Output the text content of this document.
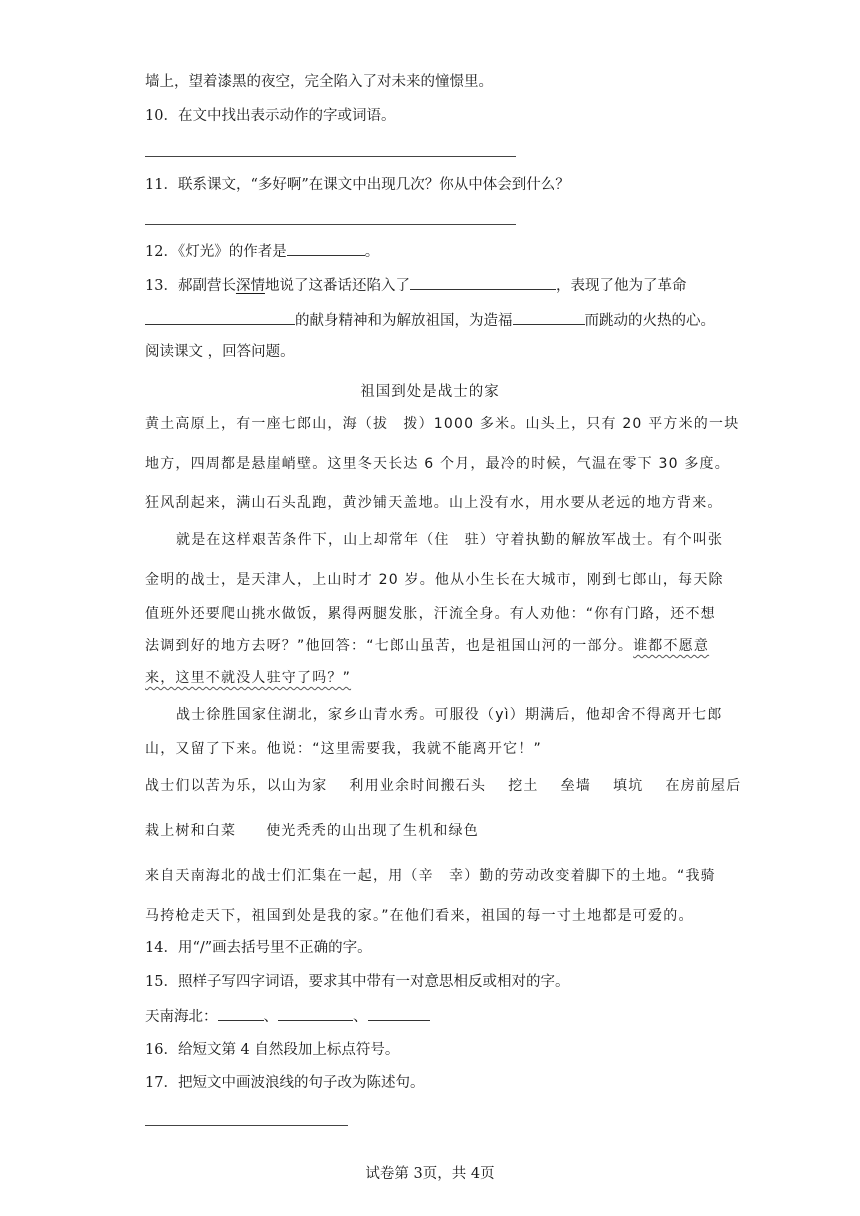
墙上，望着漆黑的夜空，完全陷入了对未来的憧憬里。
10．在文中找出表示动作的字或词语。
11．联系课文，“多好啊”在课文中出现几次？你从中体会到什么？
12．《灯光》的作者是	。
13．郝副营长深情地说了这番话还陷入了	，表现了他为了革命
的献身精神和为解放祖国，为造福	而跳动的火热的心。
阅读课文 ，回答问题。
祖国到处是战士的家
黄土高原上，有一座七郎山，海（拔　拨）1000 多米。山头上，只有 20 平方米的一块
地方，四周都是悬崖峭壁。这里冬天长达 6 个月，最冷的时候，气温在零下 30 多度。
狂风刮起来，满山石头乱跑，黄沙铺天盖地。山上没有水，用水要从老远的地方背来。
就是在这样艰苦条件下，山上却常年（住　驻）守着执勤的解放军战士。有个叫张
金明的战士，是天津人，上山时才 20 岁。他从小生长在大城市，刚到七郎山，每天除
值班外还要爬山挑水做饭，累得两腿发胀，汗流全身。有人劝他：“你有门路，还不想
法调到好的地方去呀？”他回答：“七郎山虽苦，也是祖国山河的一部分。谁都不愿意
来，这里不就没人驻守了吗？”
战士徐胜国家住湖北，家乡山青水秀。可服役（yì）期满后，他却舍不得离开七郎
山，又留了下来。他说：“这里需要我，我就不能离开它！”
战士们以苦为乐，以山为家 利用业余时间搬石头 挖土 垒墙 填坑 在房前屋后
栽上树和白菜 使光秃秃的山出现了生机和绿色
来自天南海北的战士们汇集在一起，用（辛　幸）勤的劳动改变着脚下的土地。“我骑
马挎枪走天下，祖国到处是我的家。”在他们看来，祖国的每一寸土地都是可爱的。
14．用“/”画去括号里不正确的字。
15．照样子写四字词语，要求其中带有一对意思相反或相对的字。
天南海北：	、	、
16．给短文第 4 自然段加上标点符号。
17．把短文中画波浪线的句子改为陈述句。
试卷第 3页，共 4页
